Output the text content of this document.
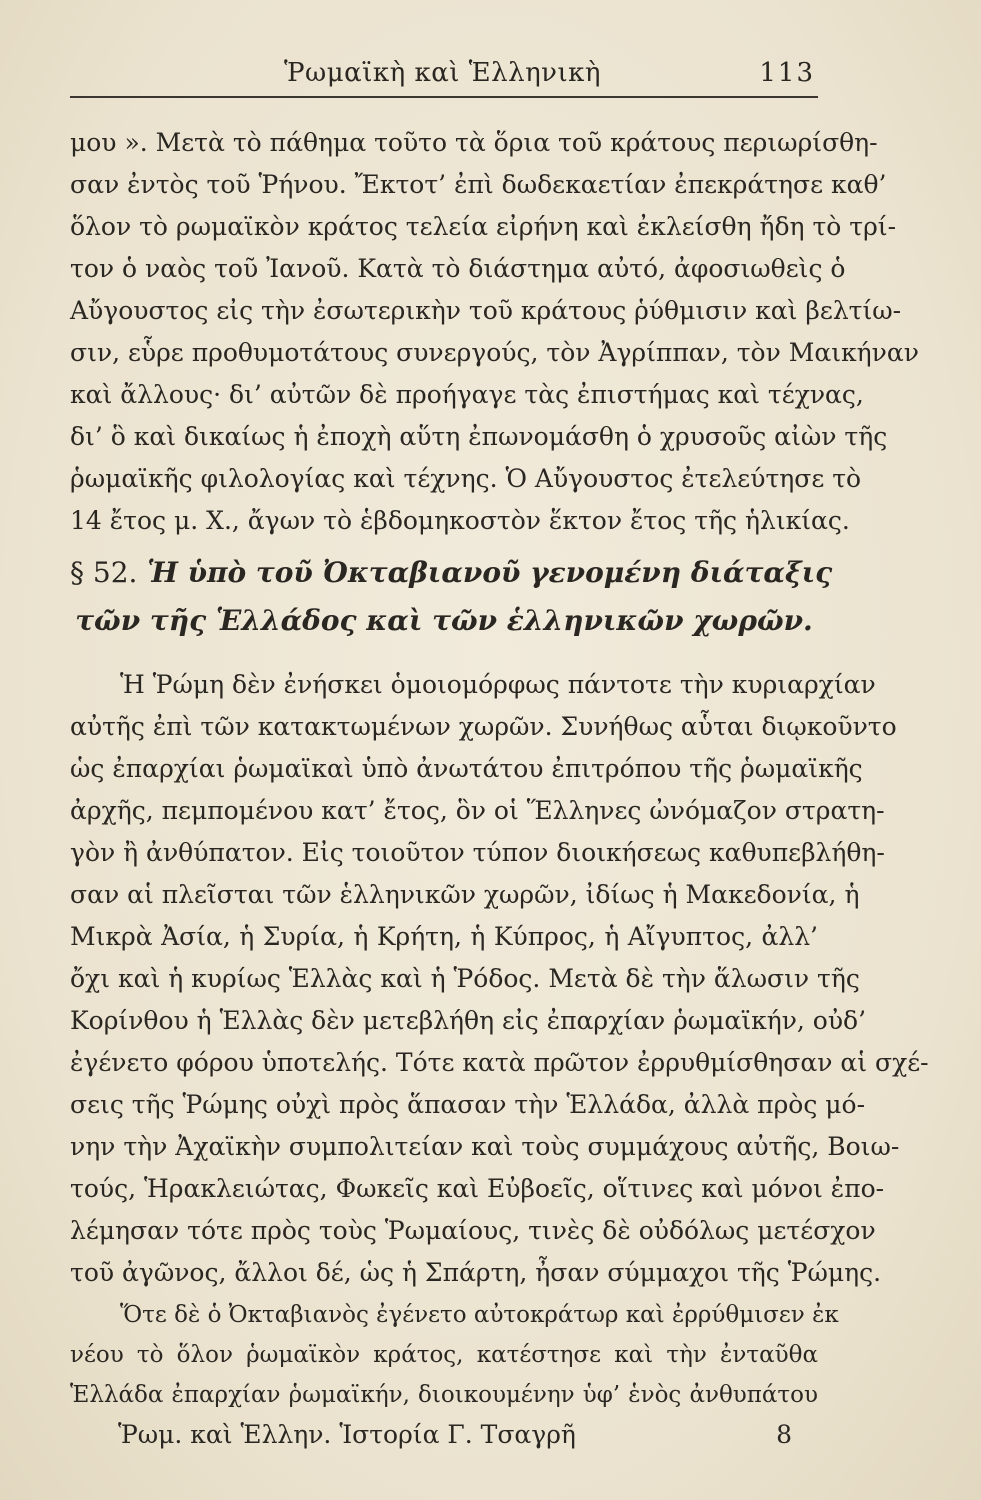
Ῥωμαϊκὴ καὶ Ἑλληνικὴ	113
μου ». Μετὰ τὸ πάθημα τοῦτο τὰ ὅρια τοῦ κράτους περιωρίσθη-
σαν ἐντὸς τοῦ Ῥήνου. Ἔκτοτ’ ἐπὶ δωδεκαετίαν ἐπεκράτησε καθ’
ὅλον τὸ ρωμαϊκὸν κράτος τελεία εἰρήνη καὶ ἐκλείσθη ἤδη τὸ τρί-
τον ὁ ναὸς τοῦ Ἰανοῦ. Κατὰ τὸ διάστημα αὐτό, ἀφοσιωθεὶς ὁ
Αὔγουστος εἰς τὴν ἐσωτερικὴν τοῦ κράτους ῥύθμισιν καὶ βελτίω-
σιν, εὗρε προθυμοτάτους συνεργούς, τὸν Ἀγρίππαν, τὸν Μαικήναν
καὶ ἄλλους· δι’ αὐτῶν δὲ προήγαγε τὰς ἐπιστήμας καὶ τέχνας,
δι’ ὃ καὶ δικαίως ἡ ἐποχὴ αὕτη ἐπωνομάσθη ὁ χρυσοῦς αἰὼν τῆς
ῥωμαϊκῆς φιλολογίας καὶ τέχνης. Ὁ Αὔγουστος ἐτελεύτησε τὸ
14 ἔτος μ. Χ., ἄγων τὸ ἑβδομηκοστὸν ἕκτον ἔτος τῆς ἡλικίας.
§ 52. Ἡ ὑπὸ τοῦ Ὀκταβιανοῦ γενομένη διάταξις
τῶν τῆς Ἑλλάδος καὶ τῶν ἑλληνικῶν χωρῶν.
Ἡ Ῥώμη δὲν ἐνήσκει ὁμοιομόρφως πάντοτε τὴν κυριαρχίαν
αὐτῆς ἐπὶ τῶν κατακτωμένων χωρῶν. Συνήθως αὗται διῳκοῦντο
ὡς ἐπαρχίαι ῥωμαϊκαὶ ὑπὸ ἀνωτάτου ἐπιτρόπου τῆς ῥωμαϊκῆς
ἀρχῆς, πεμπομένου κατ’ ἔτος, ὃν οἱ Ἕλληνες ὠνόμαζον στρατη-
γὸν ἢ ἀνθύπατον. Εἰς τοιοῦτον τύπον διοικήσεως καθυπεβλήθη-
σαν αἱ πλεῖσται τῶν ἑλληνικῶν χωρῶν, ἰδίως ἡ Μακεδονία, ἡ
Μικρὰ Ἀσία, ἡ Συρία, ἡ Κρήτη, ἡ Κύπρος, ἡ Αἴγυπτος, ἀλλ’
ὄχι καὶ ἡ κυρίως Ἑλλὰς καὶ ἡ Ῥόδος. Μετὰ δὲ τὴν ἅλωσιν τῆς
Κορίνθου ἡ Ἑλλὰς δὲν μετεβλήθη εἰς ἐπαρχίαν ῥωμαϊκήν, οὐδ’
ἐγένετο φόρου ὑποτελής. Τότε κατὰ πρῶτον ἐρρυθμίσθησαν αἱ σχέ-
σεις τῆς Ῥώμης οὐχὶ πρὸς ἅπασαν τὴν Ἑλλάδα, ἀλλὰ πρὸς μό-
νην τὴν Ἀχαϊκὴν συμπολιτείαν καὶ τοὺς συμμάχους αὐτῆς, Βοιω-
τούς, Ἡρακλειώτας, Φωκεῖς καὶ Εὐβοεῖς, οἵτινες καὶ μόνοι ἐπο-
λέμησαν τότε πρὸς τοὺς Ῥωμαίους, τινὲς δὲ οὐδόλως μετέσχον
τοῦ ἀγῶνος, ἄλλοι δέ, ὡς ἡ Σπάρτη, ἦσαν σύμμαχοι τῆς Ῥώμης.
Ὅτε δὲ ὁ Ὀκταβιανὸς ἐγένετο αὐτοκράτωρ καὶ ἐρρύθμισεν ἐκ
νέου τὸ ὅλον ῥωμαϊκὸν κράτος, κατέστησε καὶ τὴν ἐνταῦθα
Ἑλλάδα ἐπαρχίαν ῥωμαϊκήν, διοικουμένην ὑφ’ ἑνὸς ἀνθυπάτου
Ῥωμ. καὶ Ἑλλην. Ἱστορία Γ. Τσαγρῆ	8
